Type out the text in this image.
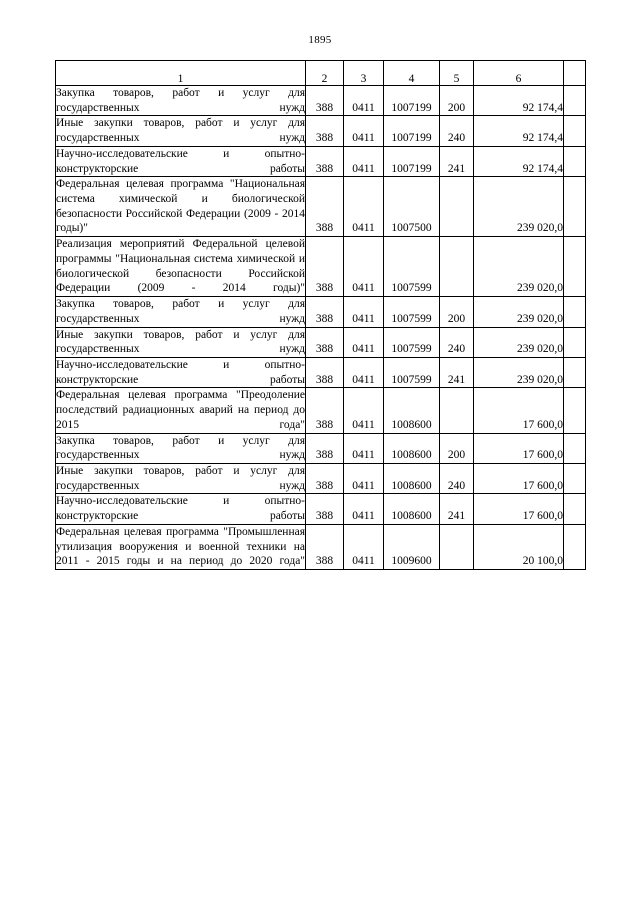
1895
1	2	3	4	5	6	
Закупка товаров, работ и услуг для государственных нужд	388	0411	1007199	200	92 174,4	
Иные закупки товаров, работ и услуг для государственных нужд	388	0411	1007199	240	92 174,4	
Научно-исследовательские и опытно-конструкторские работы	388	0411	1007199	241	92 174,4	
Федеральная целевая программа "Национальная система химической и биологической безопасности Российской Федерации (2009 - 2014 годы)"	388	0411	1007500		239 020,0	
Реализация мероприятий Федеральной целевой программы "Национальная система химической и биологической безопасности Российской Федерации (2009 - 2014 годы)"	388	0411	1007599		239 020,0	
Закупка товаров, работ и услуг для государственных нужд	388	0411	1007599	200	239 020,0	
Иные закупки товаров, работ и услуг для государственных нужд	388	0411	1007599	240	239 020,0	
Научно-исследовательские и опытно-конструкторские работы	388	0411	1007599	241	239 020,0	
Федеральная целевая программа "Преодоление последствий радиационных аварий на период до 2015 года"	388	0411	1008600		17 600,0	
Закупка товаров, работ и услуг для государственных нужд	388	0411	1008600	200	17 600,0	
Иные закупки товаров, работ и услуг для государственных нужд	388	0411	1008600	240	17 600,0	
Научно-исследовательские и опытно-конструкторские работы	388	0411	1008600	241	17 600,0	
Федеральная целевая программа "Промышленная утилизация вооружения и военной техники на 2011 - 2015 годы и на период до 2020 года"	388	0411	1009600		20 100,0	
